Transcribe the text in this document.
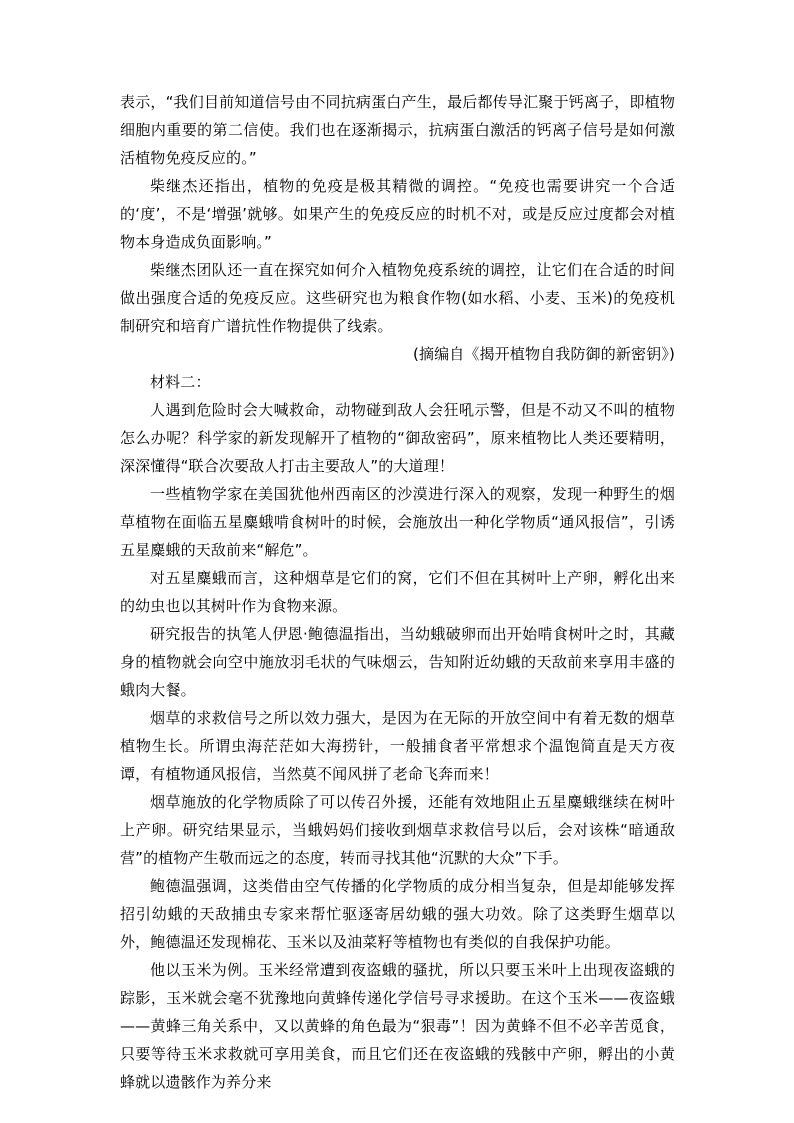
表示，“我们目前知道信号由不同抗病蛋白产生，最后都传导汇聚于钙离子，即植物细胞内重要的第二信使。我们也在逐渐揭示，抗病蛋白激活的钙离子信号是如何激活植物免疫反应的。”

柴继杰还指出，植物的免疫是极其精微的调控。“免疫也需要讲究一个合适的‘度’，不是‘增强’就够。如果产生的免疫反应的时机不对，或是反应过度都会对植物本身造成负面影响。”

柴继杰团队还一直在探究如何介入植物免疫系统的调控，让它们在合适的时间做出强度合适的免疫反应。这些研究也为粮食作物(如水稻、小麦、玉米)的免疫机制研究和培育广谱抗性作物提供了线索。

(摘编自《揭开植物自我防御的新密钥》)

材料二：

人遇到危险时会大喊救命，动物碰到敌人会狂吼示警，但是不动又不叫的植物怎么办呢？科学家的新发现解开了植物的“御敌密码”，原来植物比人类还要精明，深深懂得“联合次要敌人打击主要敌人”的大道理！

一些植物学家在美国犹他州西南区的沙漠进行深入的观察，发现一种野生的烟草植物在面临五星麋蛾啃食树叶的时候，会施放出一种化学物质“通风报信”，引诱五星麋蛾的天敌前来“解危”。

对五星麋蛾而言，这种烟草是它们的窝，它们不但在其树叶上产卵，孵化出来的幼虫也以其树叶作为食物来源。

研究报告的执笔人伊恩·鲍德温指出，当幼蛾破卵而出开始啃食树叶之时，其藏身的植物就会向空中施放羽毛状的气味烟云，告知附近幼蛾的天敌前来享用丰盛的蛾肉大餐。

烟草的求救信号之所以效力强大，是因为在无际的开放空间中有着无数的烟草植物生长。所谓虫海茫茫如大海捞针，一般捕食者平常想求个温饱简直是天方夜谭，有植物通风报信，当然莫不闻风拼了老命飞奔而来！

烟草施放的化学物质除了可以传召外援，还能有效地阻止五星麋蛾继续在树叶上产卵。研究结果显示，当蛾妈妈们接收到烟草求救信号以后，会对该株“暗通敌营”的植物产生敬而远之的态度，转而寻找其他“沉默的大众”下手。

鲍德温强调，这类借由空气传播的化学物质的成分相当复杂，但是却能够发挥招引幼蛾的天敌捕虫专家来帮忙驱逐寄居幼蛾的强大功效。除了这类野生烟草以外，鲍德温还发现棉花、玉米以及油菜籽等植物也有类似的自我保护功能。

他以玉米为例。玉米经常遭到夜盗蛾的骚扰，所以只要玉米叶上出现夜盗蛾的踪影，玉米就会毫不犹豫地向黄蜂传递化学信号寻求援助。在这个玉米——夜盗蛾——黄蜂三角关系中，又以黄蜂的角色最为“狠毒”！因为黄蜂不但不必辛苦觅食，只要等待玉米求救就可享用美食，而且它们还在夜盗蛾的残骸中产卵，孵出的小黄蜂就以遗骸作为养分来
